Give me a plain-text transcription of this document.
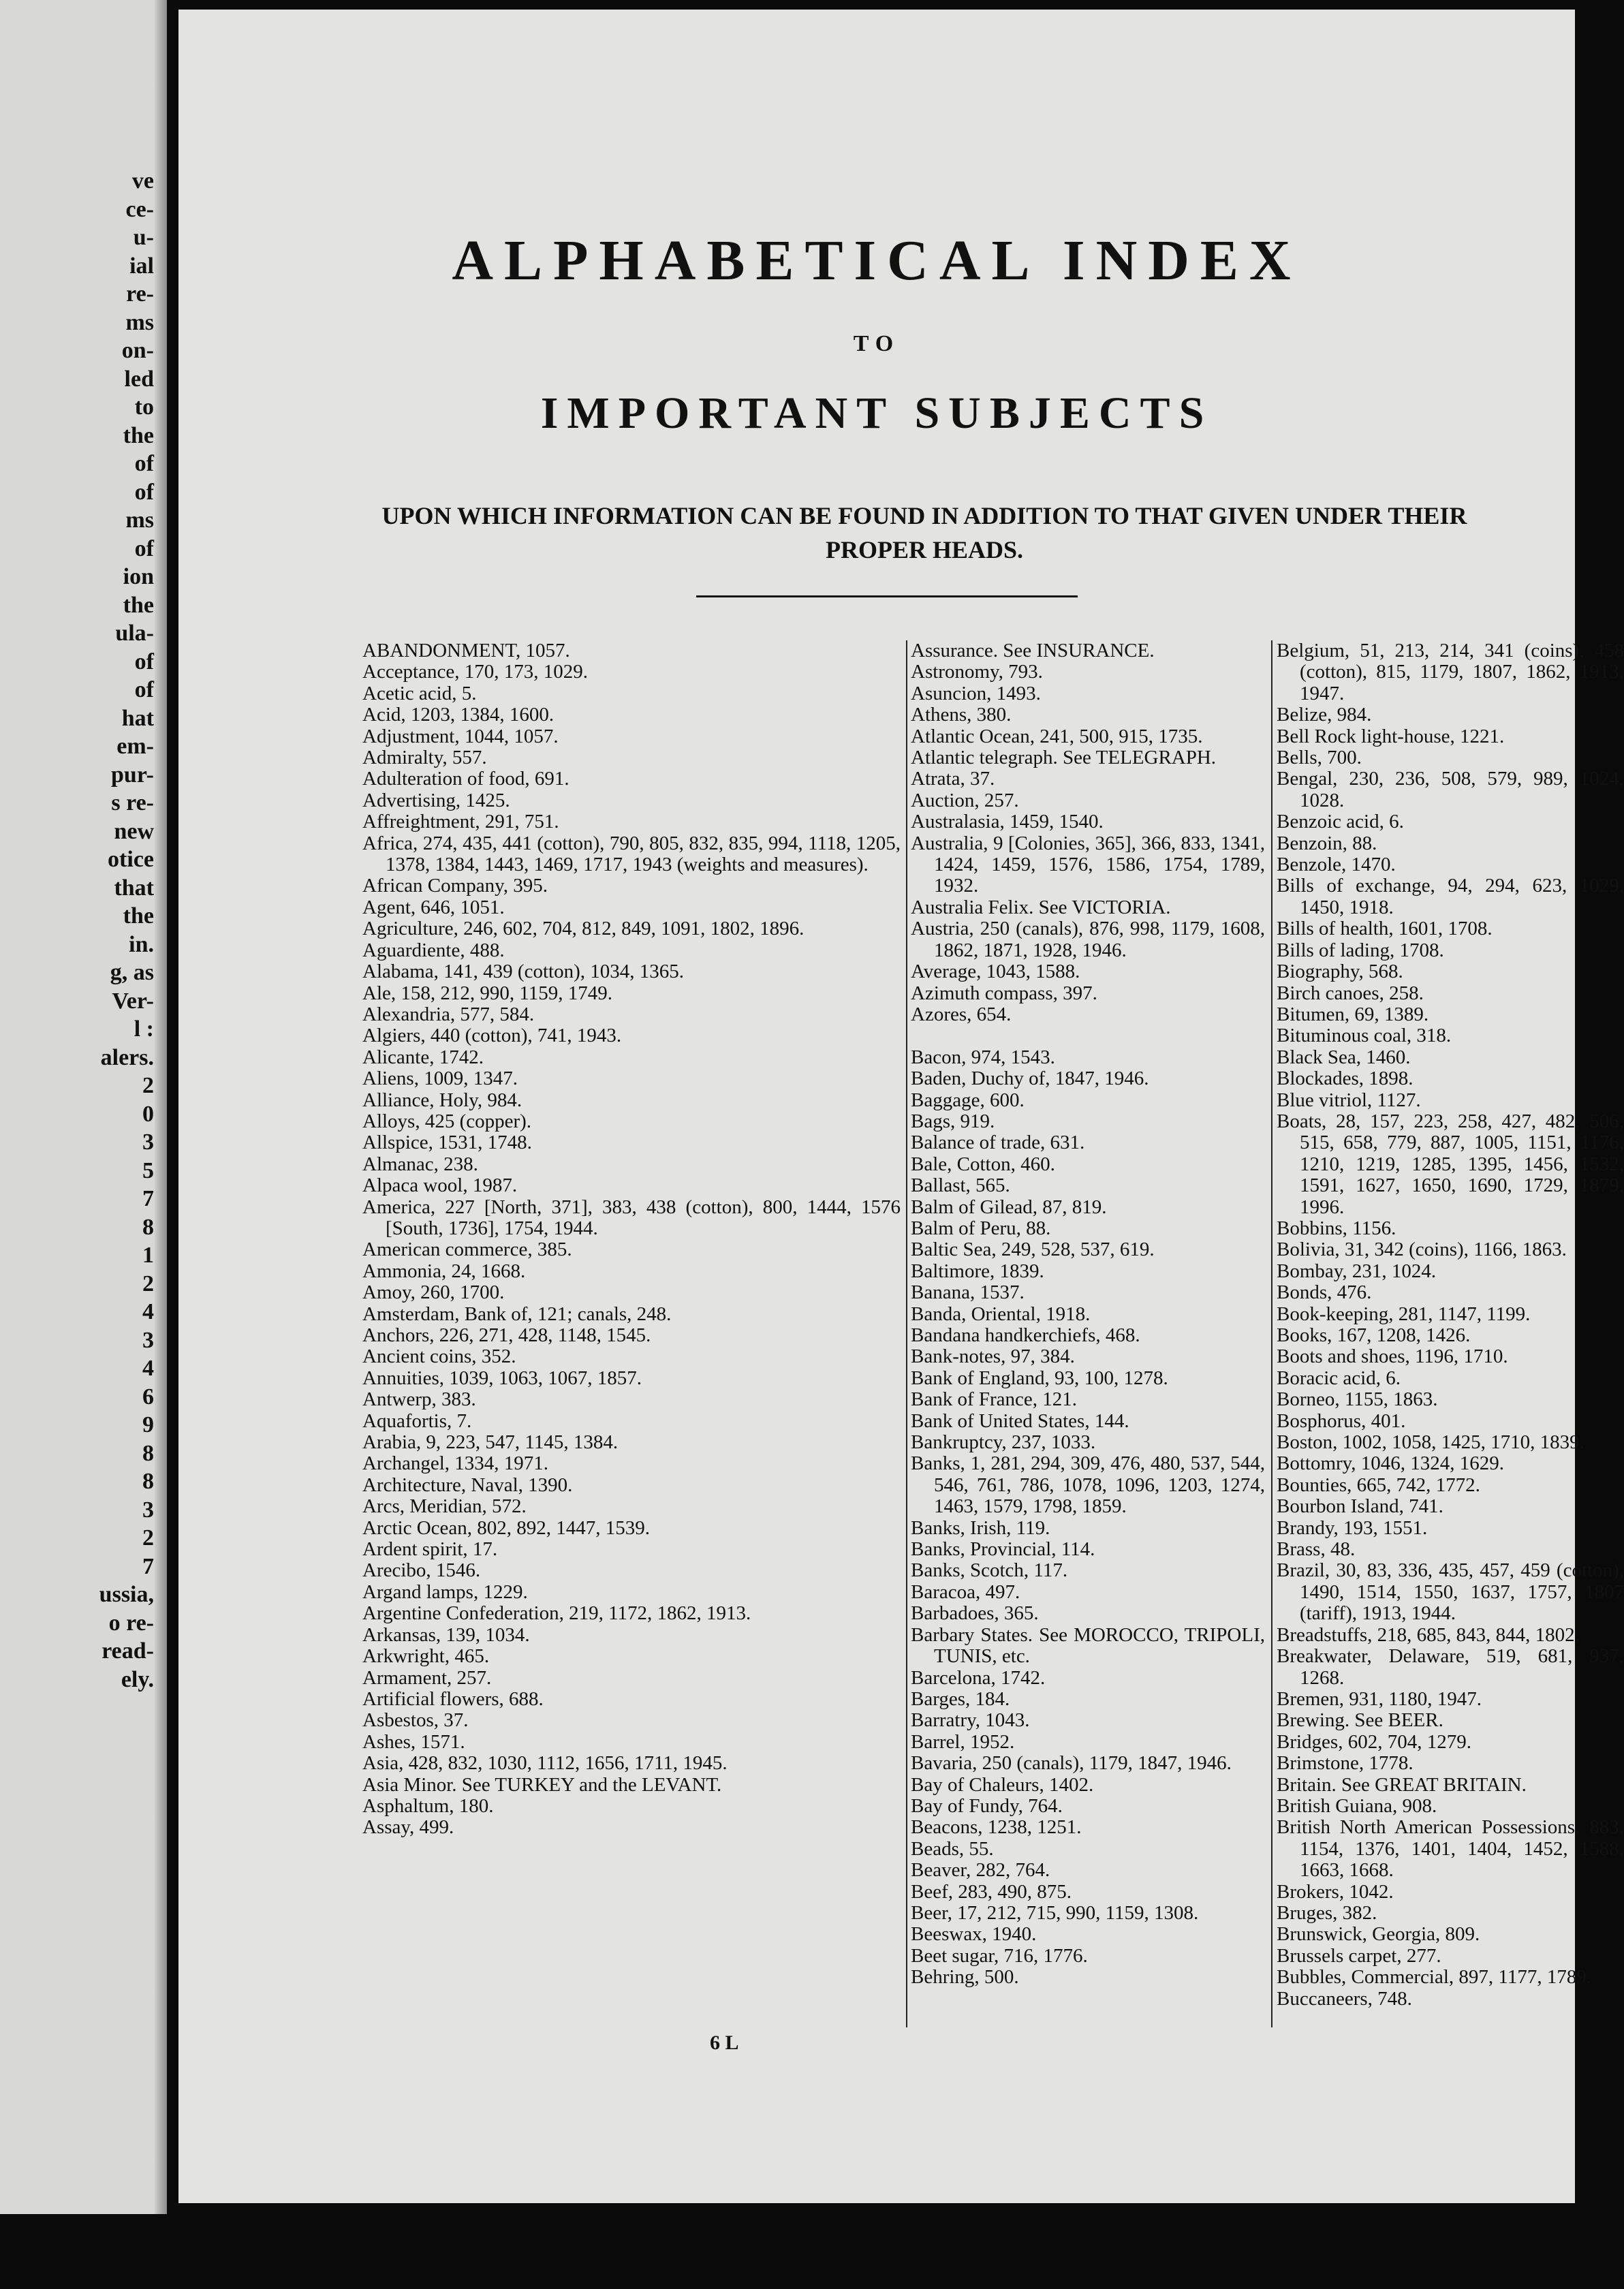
ve
ce-
u-
ial
re-
ms
on-
led
to
the
of
of
ms
of
ion
the
ula-
of
of
hat
em-
pur-
s re-
new
otice
that
the
in.
g, as
Ver-
l :
alers.
2
0
3
5
7
8
1
2
4
3
4
6
9
8
8
3
2
7
ussia,
o re-
read-
ely.
ALPHABETICAL INDEX
TO
IMPORTANT SUBJECTS
UPON WHICH INFORMATION CAN BE FOUND IN ADDITION TO THAT GIVEN UNDER THEIR PROPER HEADS.
ABANDONMENT, 1057.
Acceptance, 170, 173, 1029.
Acetic acid, 5.
Acid, 1203, 1384, 1600.
Adjustment, 1044, 1057.
Admiralty, 557.
Adulteration of food, 691.
Advertising, 1425.
Affreightment, 291, 751.
Africa, 274, 435, 441 (cotton), 790, 805, 832, 835, 994, 1118, 1205, 1378, 1384, 1443, 1469, 1717, 1943 (weights and measures).
African Company, 395.
Agent, 646, 1051.
Agriculture, 246, 602, 704, 812, 849, 1091, 1802, 1896.
Aguardiente, 488.
Alabama, 141, 439 (cotton), 1034, 1365.
Ale, 158, 212, 990, 1159, 1749.
Alexandria, 577, 584.
Algiers, 440 (cotton), 741, 1943.
Alicante, 1742.
Aliens, 1009, 1347.
Alliance, Holy, 984.
Alloys, 425 (copper).
Allspice, 1531, 1748.
Almanac, 238.
Alpaca wool, 1987.
America, 227 [North, 371], 383, 438 (cotton), 800, 1444, 1576 [South, 1736], 1754, 1944.
American commerce, 385.
Ammonia, 24, 1668.
Amoy, 260, 1700.
Amsterdam, Bank of, 121; canals, 248.
Anchors, 226, 271, 428, 1148, 1545.
Ancient coins, 352.
Annuities, 1039, 1063, 1067, 1857.
Antwerp, 383.
Aquafortis, 7.
Arabia, 9, 223, 547, 1145, 1384.
Archangel, 1334, 1971.
Architecture, Naval, 1390.
Arcs, Meridian, 572.
Arctic Ocean, 802, 892, 1447, 1539.
Ardent spirit, 17.
Arecibo, 1546.
Argand lamps, 1229.
Argentine Confederation, 219, 1172, 1862, 1913.
Arkansas, 139, 1034.
Arkwright, 465.
Armament, 257.
Artificial flowers, 688.
Asbestos, 37.
Ashes, 1571.
Asia, 428, 832, 1030, 1112, 1656, 1711, 1945.
Asia Minor. See TURKEY and the LEVANT.
Asphaltum, 180.
Assay, 499.
Assurance. See INSURANCE.
Astronomy, 793.
Asuncion, 1493.
Athens, 380.
Atlantic Ocean, 241, 500, 915, 1735.
Atlantic telegraph. See TELEGRAPH.
Atrata, 37.
Auction, 257.
Australasia, 1459, 1540.
Australia, 9 [Colonies, 365], 366, 833, 1341, 1424, 1459, 1576, 1586, 1754, 1789, 1932.
Australia Felix. See VICTORIA.
Austria, 250 (canals), 876, 998, 1179, 1608, 1862, 1871, 1928, 1946.
Average, 1043, 1588.
Azimuth compass, 397.
Azores, 654.

Bacon, 974, 1543.
Baden, Duchy of, 1847, 1946.
Baggage, 600.
Bags, 919.
Balance of trade, 631.
Bale, Cotton, 460.
Ballast, 565.
Balm of Gilead, 87, 819.
Balm of Peru, 88.
Baltic Sea, 249, 528, 537, 619.
Baltimore, 1839.
Banana, 1537.
Banda, Oriental, 1918.
Bandana handkerchiefs, 468.
Bank-notes, 97, 384.
Bank of England, 93, 100, 1278.
Bank of France, 121.
Bank of United States, 144.
Bankruptcy, 237, 1033.
Banks, 1, 281, 294, 309, 476, 480, 537, 544, 546, 761, 786, 1078, 1096, 1203, 1274, 1463, 1579, 1798, 1859.
Banks, Irish, 119.
Banks, Provincial, 114.
Banks, Scotch, 117.
Baracoa, 497.
Barbadoes, 365.
Barbary States. See MOROCCO, TRIPOLI, TUNIS, etc.
Barcelona, 1742.
Barges, 184.
Barratry, 1043.
Barrel, 1952.
Bavaria, 250 (canals), 1179, 1847, 1946.
Bay of Chaleurs, 1402.
Bay of Fundy, 764.
Beacons, 1238, 1251.
Beads, 55.
Beaver, 282, 764.
Beef, 283, 490, 875.
Beer, 17, 212, 715, 990, 1159, 1308.
Beeswax, 1940.
Beet sugar, 716, 1776.
Behring, 500.
Belgium, 51, 213, 214, 341 (coins), 458 (cotton), 815, 1179, 1807, 1862, 1913, 1947.
Belize, 984.
Bell Rock light-house, 1221.
Bells, 700.
Bengal, 230, 236, 508, 579, 989, 1024, 1028.
Benzoic acid, 6.
Benzoin, 88.
Benzole, 1470.
Bills of exchange, 94, 294, 623, 1029, 1450, 1918.
Bills of health, 1601, 1708.
Bills of lading, 1708.
Biography, 568.
Birch canoes, 258.
Bitumen, 69, 1389.
Bituminous coal, 318.
Black Sea, 1460.
Blockades, 1898.
Blue vitriol, 1127.
Boats, 28, 157, 223, 258, 427, 482, 506, 515, 658, 779, 887, 1005, 1151, 1176, 1210, 1219, 1285, 1395, 1456, 1532, 1591, 1627, 1650, 1690, 1729, 1879, 1996.
Bobbins, 1156.
Bolivia, 31, 342 (coins), 1166, 1863.
Bombay, 231, 1024.
Bonds, 476.
Book-keeping, 281, 1147, 1199.
Books, 167, 1208, 1426.
Boots and shoes, 1196, 1710.
Boracic acid, 6.
Borneo, 1155, 1863.
Bosphorus, 401.
Boston, 1002, 1058, 1425, 1710, 1839.
Bottomry, 1046, 1324, 1629.
Bounties, 665, 742, 1772.
Bourbon Island, 741.
Brandy, 193, 1551.
Brass, 48.
Brazil, 30, 83, 336, 435, 457, 459 (cotton), 1490, 1514, 1550, 1637, 1757, 1807 (tariff), 1913, 1944.
Breadstuffs, 218, 685, 843, 844, 1802.
Breakwater, Delaware, 519, 681, 937, 1268.
Bremen, 931, 1180, 1947.
Brewing. See BEER.
Bridges, 602, 704, 1279.
Brimstone, 1778.
Britain. See GREAT BRITAIN.
British Guiana, 908.
British North American Possessions, 883, 1154, 1376, 1401, 1404, 1452, 1588, 1663, 1668.
Brokers, 1042.
Bruges, 382.
Brunswick, Georgia, 809.
Brussels carpet, 277.
Bubbles, Commercial, 897, 1177, 1789.
Buccaneers, 748.
6 L
